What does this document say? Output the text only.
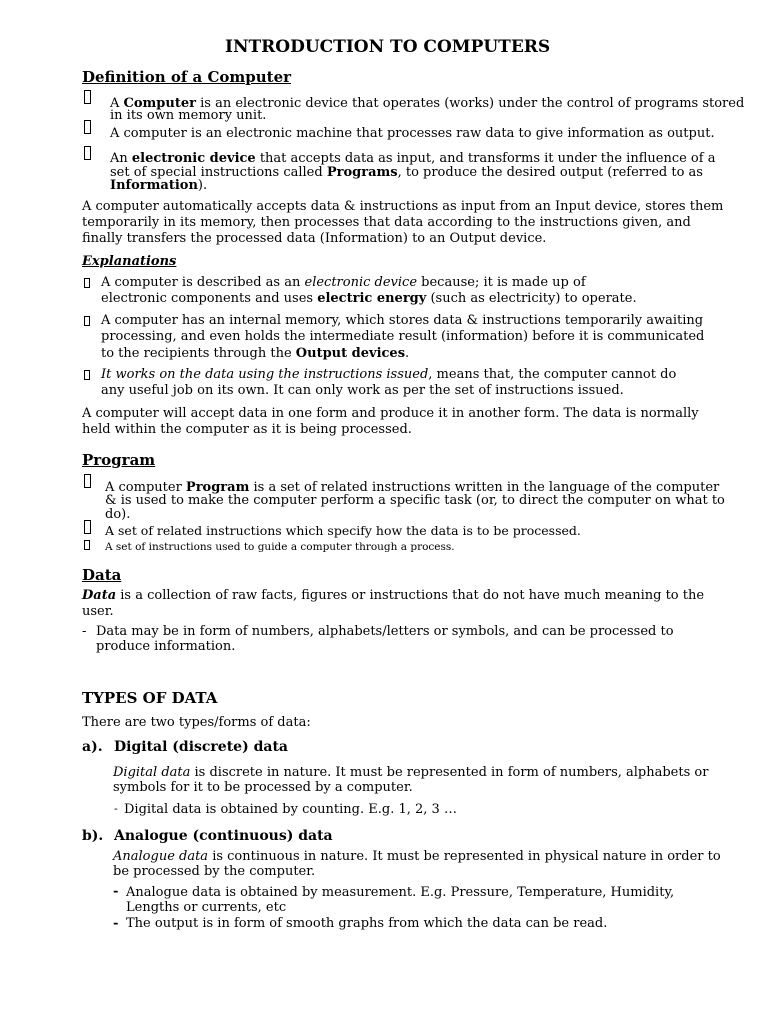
INTRODUCTION TO COMPUTERS
Definition of a Computer
A Computer is an electronic device that operates (works) under the control of programs stored
in its own memory unit.
A computer is an electronic machine that processes raw data to give information as output.
An electronic device that accepts data as input, and transforms it under the influence of a
set of special instructions called Programs, to produce the desired output (referred to as
Information).
A computer automatically accepts data & instructions as input from an Input device, stores them
temporarily in its memory, then processes that data according to the instructions given, and
finally transfers the processed data (Information) to an Output device.
Explanations
A computer is described as an electronic device because; it is made up of
electronic components and uses electric energy (such as electricity) to operate.
A computer has an internal memory, which stores data & instructions temporarily awaiting
processing, and even holds the intermediate result (information) before it is communicated
to the recipients through the Output devices.
It works on the data using the instructions issued, means that, the computer cannot do
any useful job on its own. It can only work as per the set of instructions issued.
A computer will accept data in one form and produce it in another form. The data is normally
held within the computer as it is being processed.
Program
A computer Program is a set of related instructions written in the language of the computer
& is used to make the computer perform a specific task (or, to direct the computer on what to
do).
A set of related instructions which specify how the data is to be processed.
A set of instructions used to guide a computer through a process.
Data
Data is a collection of raw facts, figures or instructions that do not have much meaning to the
user.
- Data may be in form of numbers, alphabets/letters or symbols, and can be processed to
produce information.
TYPES OF DATA
There are two types/forms of data:
a). Digital (discrete) data
Digital data is discrete in nature. It must be represented in form of numbers, alphabets or
symbols for it to be processed by a computer.
- Digital data is obtained by counting. E.g. 1, 2, 3 …
b). Analogue (continuous) data
Analogue data is continuous in nature. It must be represented in physical nature in order to
be processed by the computer.
- Analogue data is obtained by measurement. E.g. Pressure, Temperature, Humidity,
Lengths or currents, etc
- The output is in form of smooth graphs from which the data can be read.
